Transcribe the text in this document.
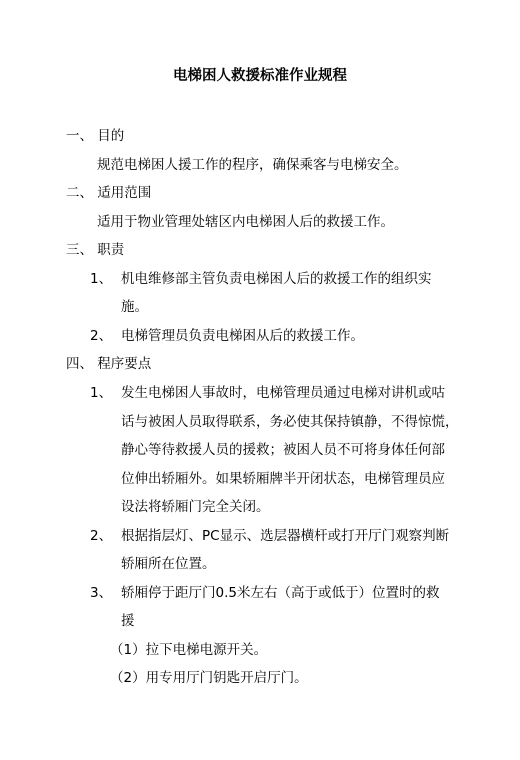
电梯困人救援标准作业规程
一、 目的
规范电梯困人援工作的程序，确保乘客与电梯安全。
二、 适用范围
适用于物业管理处辖区内电梯困人后的救援工作。
三、 职责
1、 机电维修部主管负责电梯困人后的救援工作的组织实
施。
2、 电梯管理员负责电梯困从后的救援工作。
四、 程序要点
1、 发生电梯困人事故时，电梯管理员通过电梯对讲机或咕
话与被困人员取得联系，务必使其保持镇静，不得惊慌，
静心等待救援人员的援救；被困人员不可将身体任何部
位伸出轿厢外。如果轿厢牌半开闭状态，电梯管理员应
设法将轿厢门完全关闭。
2、 根据指层灯、PC显示、选层器横杆或打开厅门观察判断
轿厢所在位置。
3、 轿厢停于距厅门0.5米左右（高于或低于）位置时的救
援
（1）拉下电梯电源开关。
（2）用专用厅门钥匙开启厅门。
